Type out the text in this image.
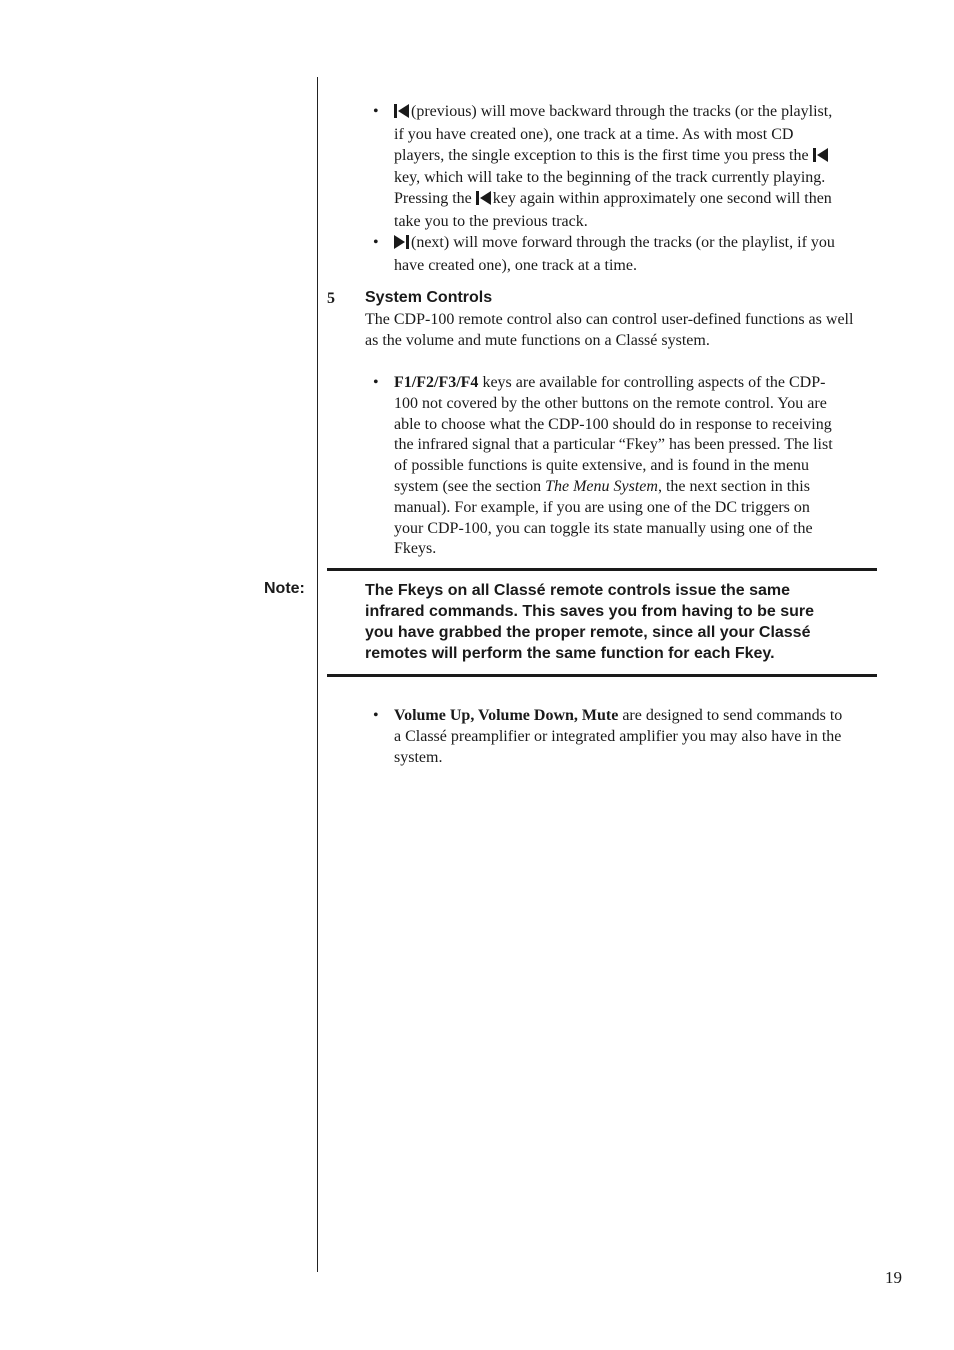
• (previous) will move backward through the tracks (or the playlist, if you have created one), one track at a time. As with most CD players, the single exception to this is the first time you press the key, which will take to the beginning of the track currently playing. Pressing the key again within approximately one second will then take you to the previous track.
• (next) will move forward through the tracks (or the playlist, if you have created one), one track at a time.
5 System Controls
The CDP-100 remote control also can control user-defined functions as well as the volume and mute functions on a Classé system.
• F1/F2/F3/F4 keys are available for controlling aspects of the CDP-100 not covered by the other buttons on the remote control. You are able to choose what the CDP-100 should do in response to receiving the infrared signal that a particular “Fkey” has been pressed. The list of possible functions is quite extensive, and is found in the menu system (see the section The Menu System, the next section in this manual). For example, if you are using one of the DC triggers on your CDP-100, you can toggle its state manually using one of the Fkeys.
Note:	The Fkeys on all Classé remote controls issue the same infrared commands. This saves you from having to be sure you have grabbed the proper remote, since all your Classé remotes will perform the same function for each Fkey.
• Volume Up, Volume Down, Mute are designed to send commands to a Classé preamplifier or integrated amplifier you may also have in the system.
19
